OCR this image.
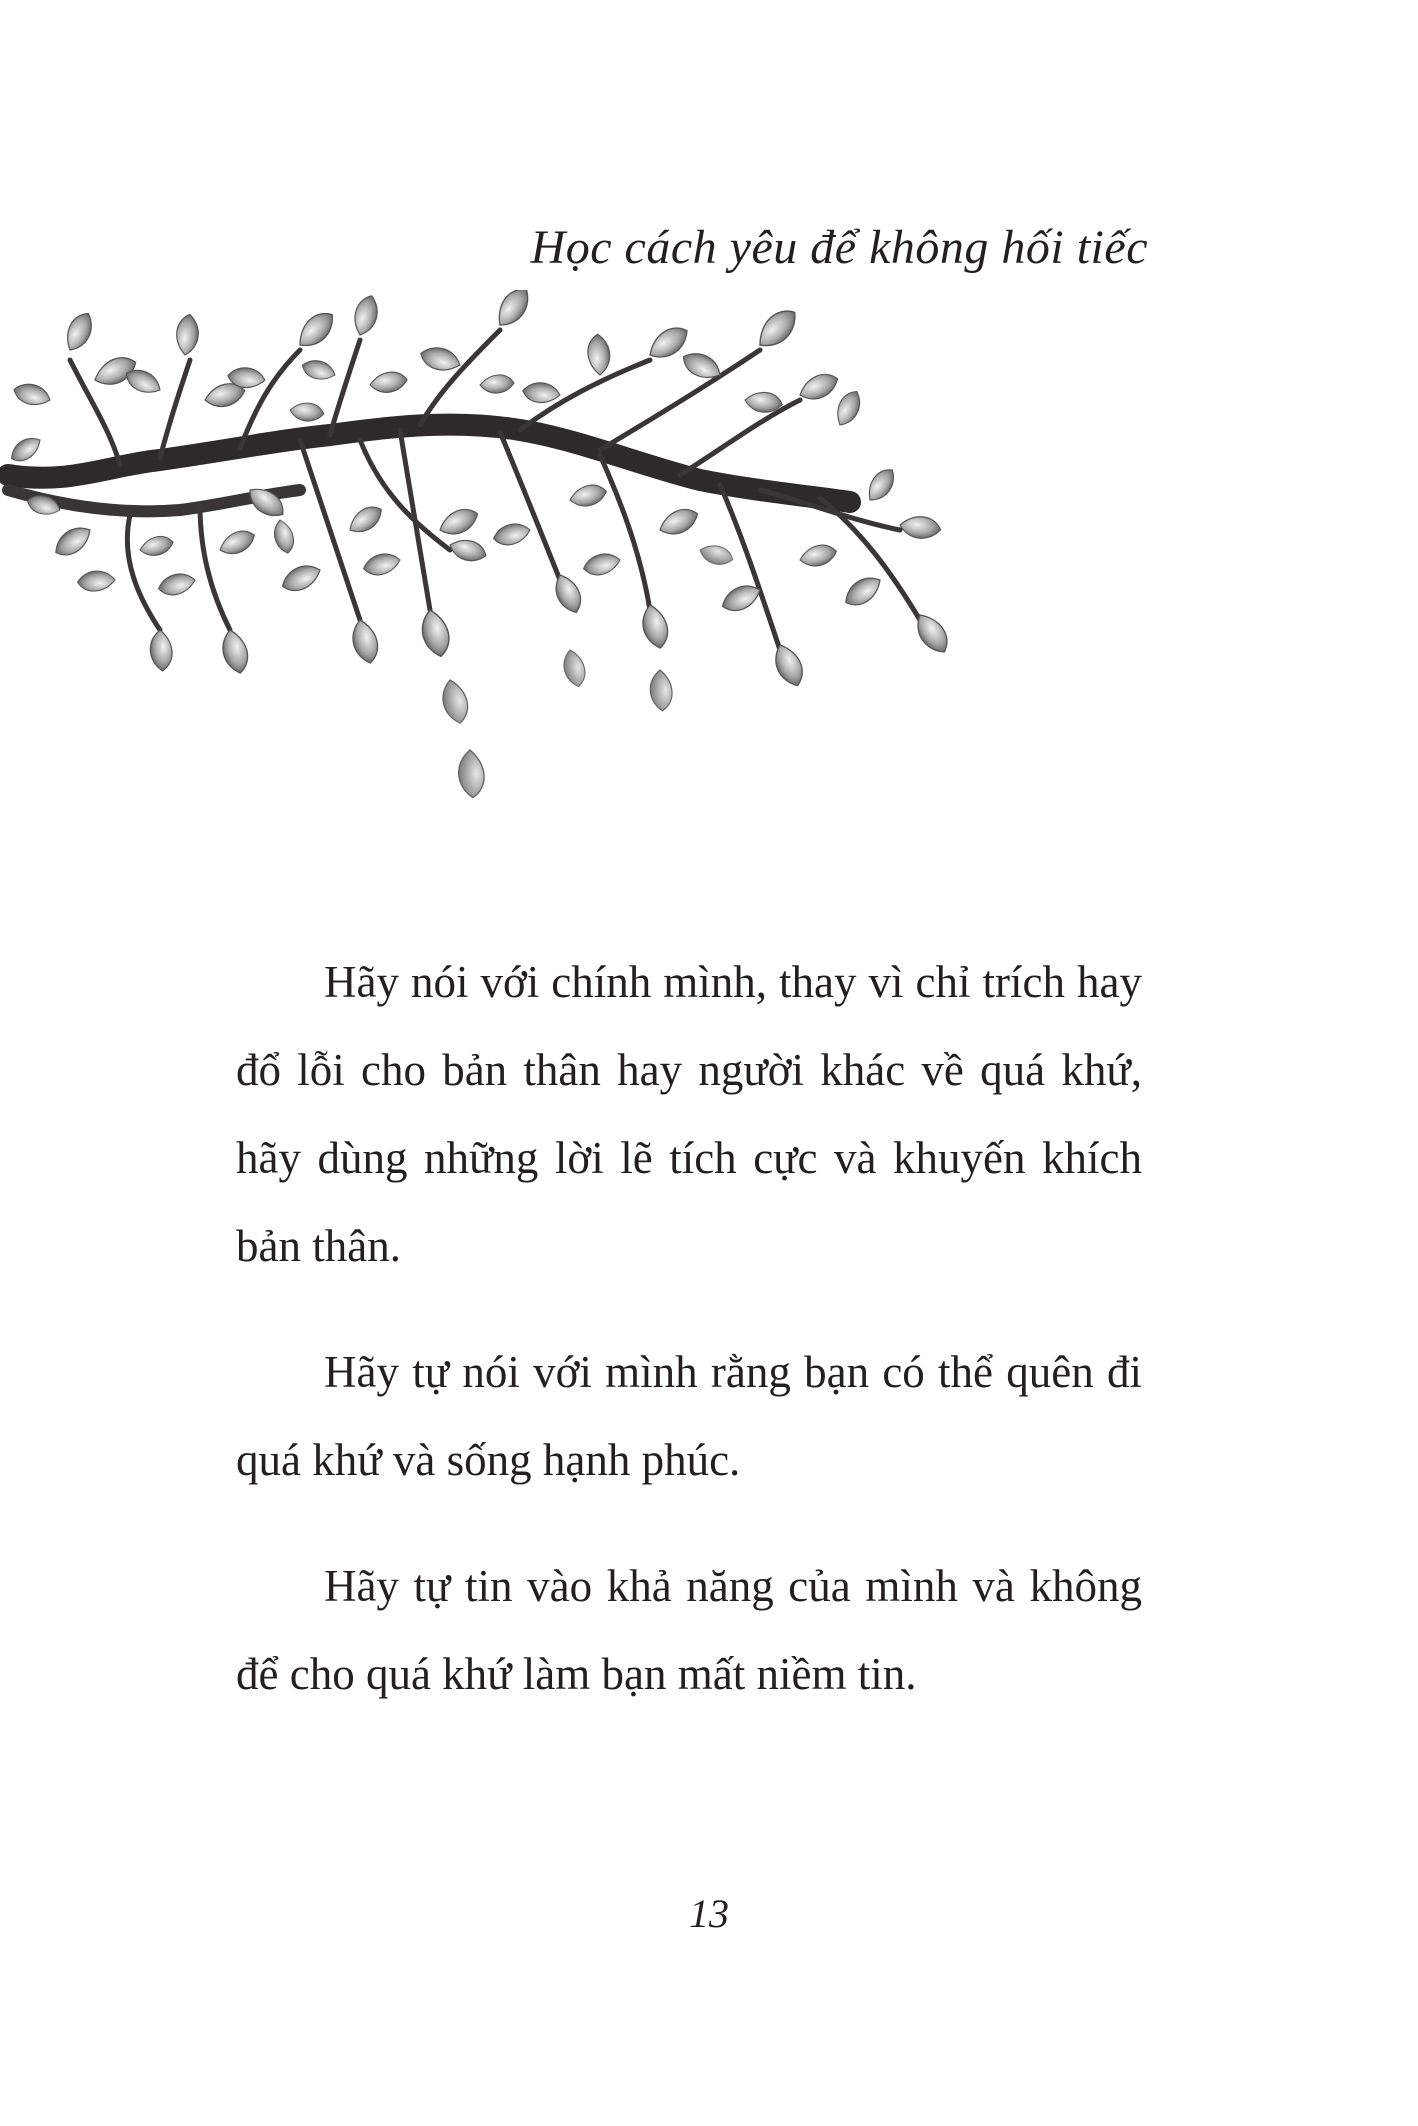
Học cách yêu để không hối tiếc

Hãy nói với chính mình, thay vì chỉ trích hay đổ lỗi cho bản thân hay người khác về quá khứ, hãy dùng những lời lẽ tích cực và khuyến khích bản thân.

Hãy tự nói với mình rằng bạn có thể quên đi quá khứ và sống hạnh phúc.

Hãy tự tin vào khả năng của mình và không để cho quá khứ làm bạn mất niềm tin.

13
